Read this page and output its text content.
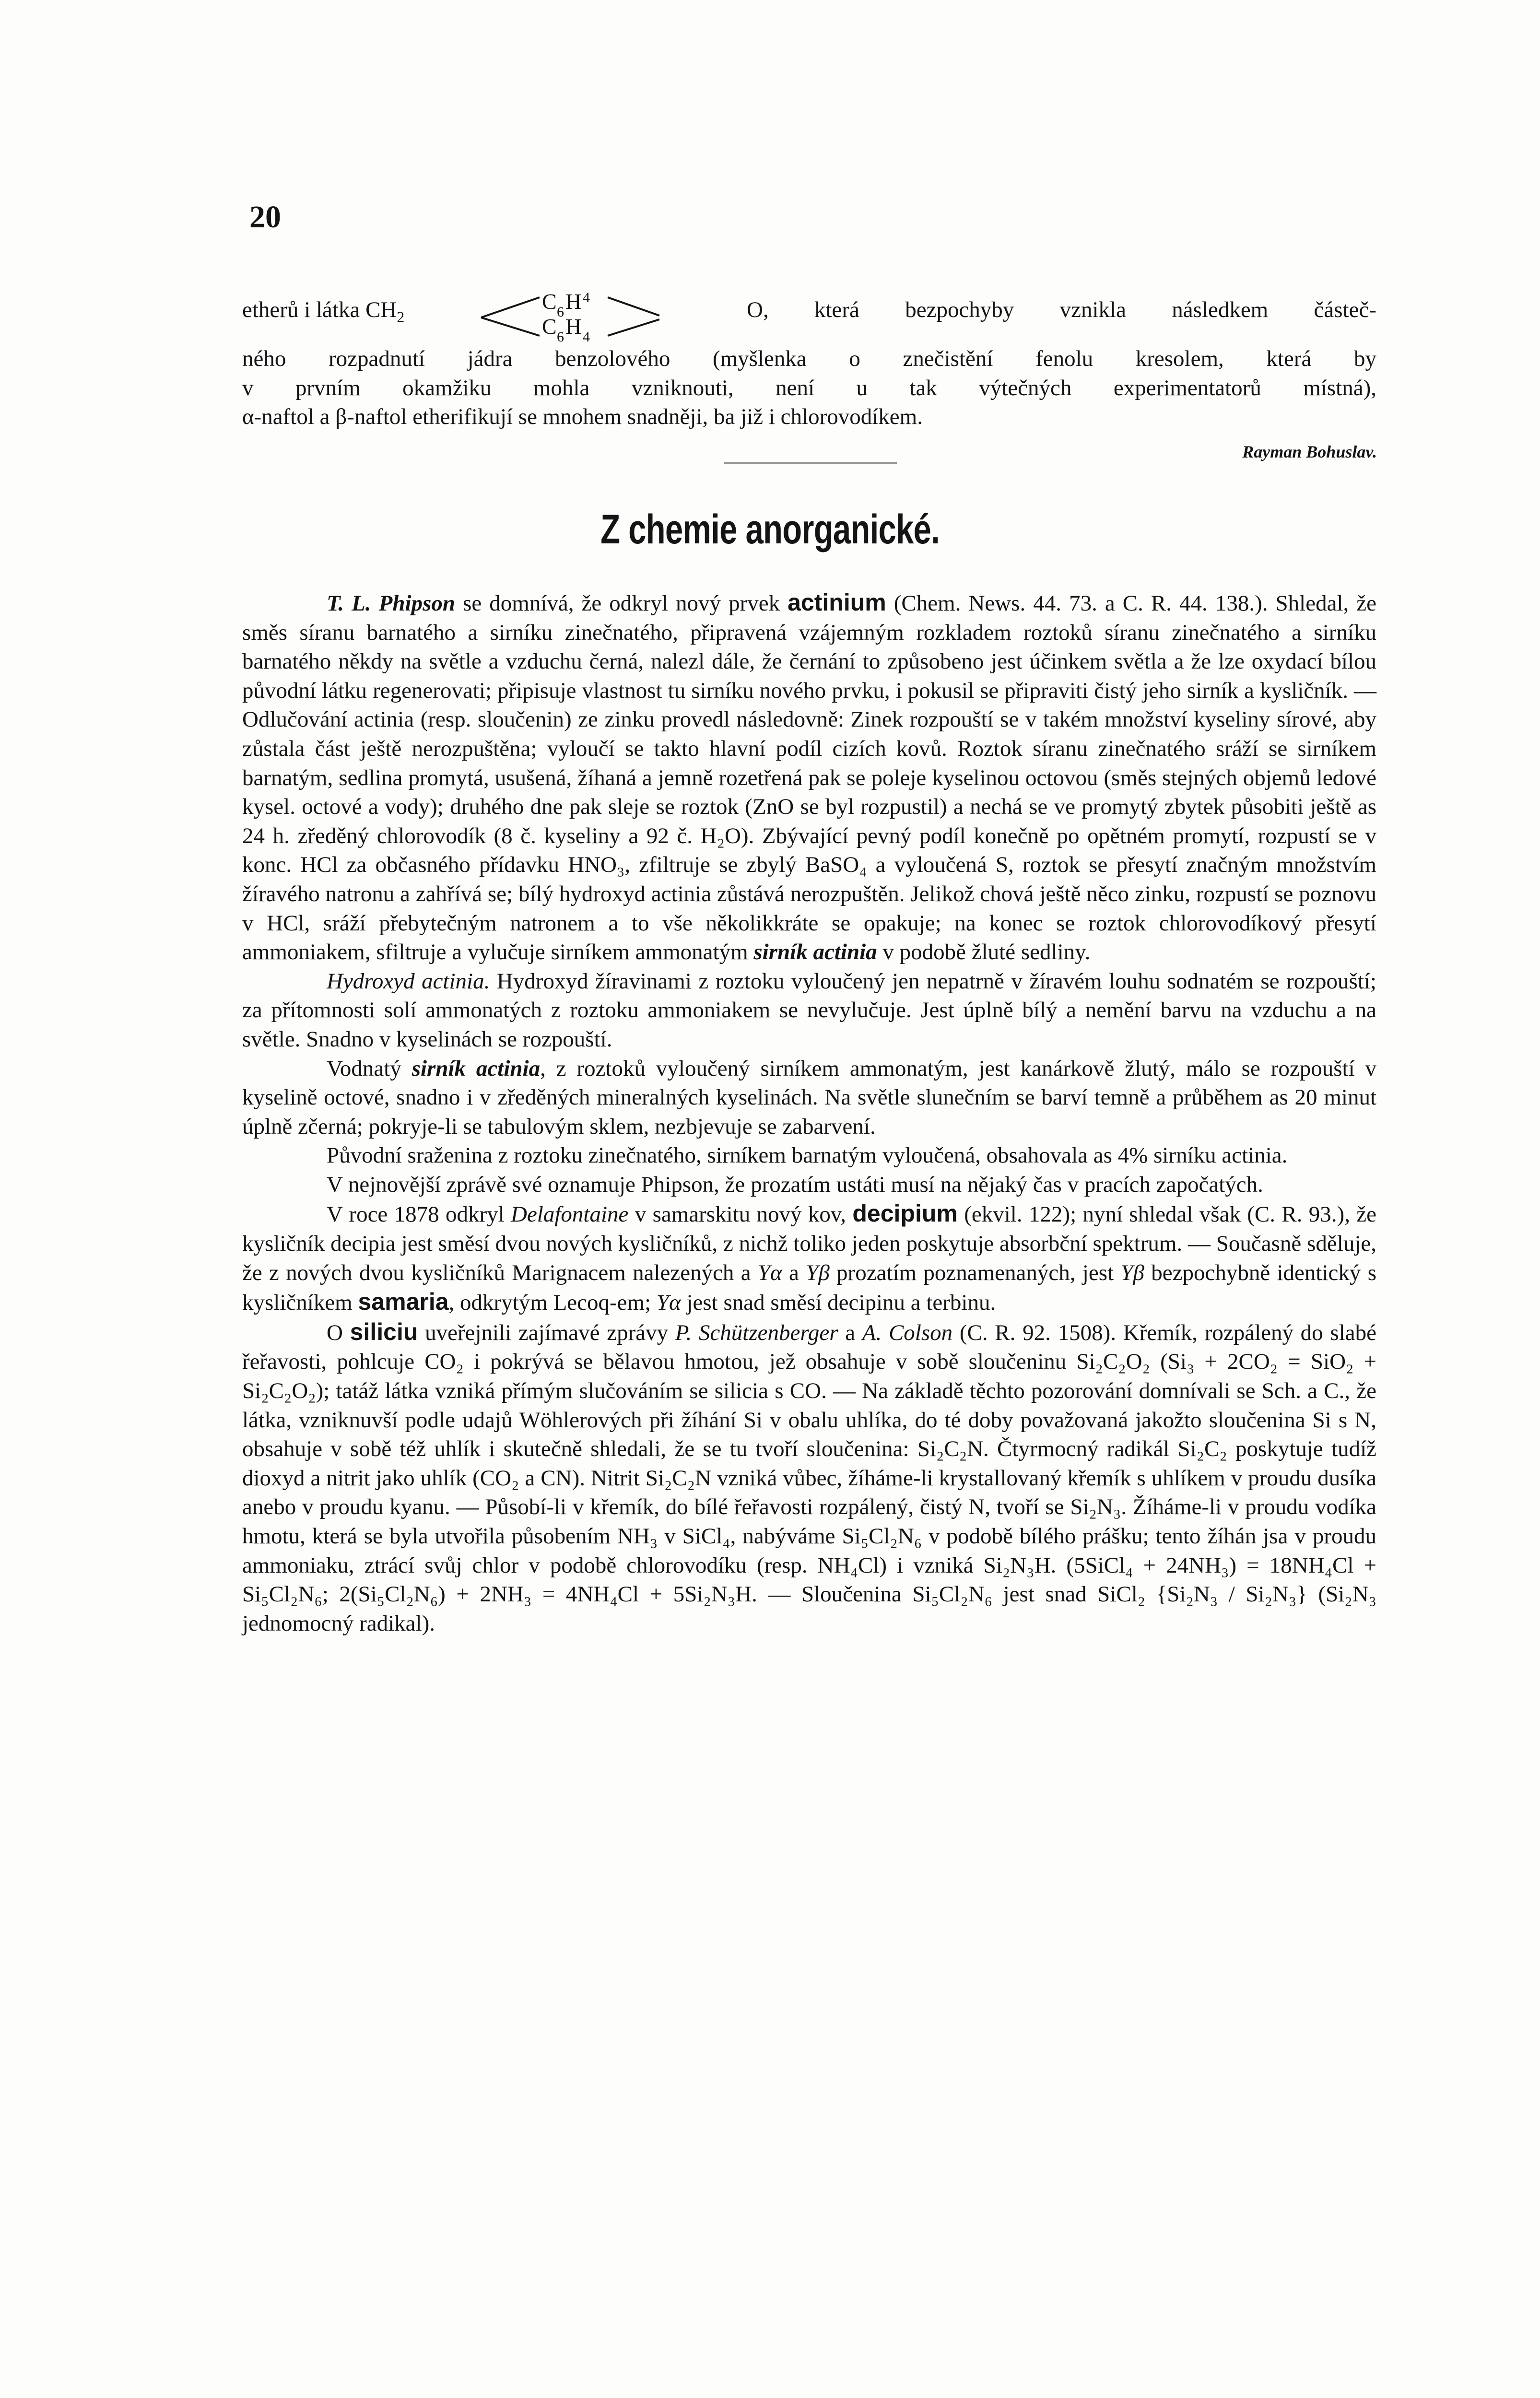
20
etherů i látka $CH_2$
C 6 H 4
C 6 H 4
O, která bezpochyby vznikla následkem částeč-
ného rozpadnutí jádra benzolového (myšlenka o znečistění fenolu kresolem, která by
v prvním okamžiku mohla vzniknouti, není u tak výtečných experimentatorů místná),
α-naftol a β-naftol etherifikují se mnohem snadněji, ba již i chlorovodíkem.
Rayman Bohuslav.
Z chemie anorganické.

T. L. Phipson se domnívá, že odkryl nový prvek actinium (Chem. News. 44. 73. a C. R. 44. 138.). Shledal, že směs síranu barnatého a sirníku zinečnatého, připravená vzájemným rozkladem roztoků síranu zinečnatého a sirníku barnatého někdy na světle a vzduchu černá, nalezl dále, že černání to způsobeno jest účinkem světla a že lze oxydací bílou původní látku regenerovati; připisuje vlastnost tu sirníku nového prvku, i pokusil se připraviti čistý jeho sirník a kysličník. — Odlučování actinia (resp. sloučenin) ze zinku provedl následovně: Zinek rozpouští se v takém množství kyseliny sírové, aby zůstala část ještě nerozpuštěna; vyloučí se takto hlavní podíl cizích kovů. Roztok síranu zinečnatého sráží se sirníkem barnatým, sedlina promytá, usušená, žíhaná a jemně rozetřená pak se poleje kyselinou octovou (směs stejných objemů ledové kysel. octové a vody); druhého dne pak sleje se roztok (ZnO se byl rozpustil) a nechá se ve promytý zbytek působiti ještě as 24 h. zředěný chlorovodík (8 č. kyseliny a 92 č. H₂O). Zbývající pevný podíl konečně po opětném promytí, rozpustí se v konc. HCl za občasného přídavku HNO₃, zfiltruje se zbylý BaSO₄ a vyloučená S, roztok se přesytí značným množstvím žíravého natronu a zahřívá se; bílý hydroxyd actinia zůstává nerozpuštěn. Jelikož chová ještě něco zinku, rozpustí se poznovu v HCl, sráží přebytečným natronem a to vše několikkráte se opakuje; na konec se roztok chlorovodíkový přesytí ammoniakem, sfiltruje a vylučuje sirníkem ammonatým sirník actinia v podobě žluté sedliny.

Hydroxyd actinia. Hydroxyd žíravinami z roztoku vyloučený jen nepatrně v žíravém louhu sodnatém se rozpouští; za přítomnosti solí ammonatých z roztoku ammoniakem se nevylučuje. Jest úplně bílý a nemění barvu na vzduchu a na světle. Snadno v kyselinách se rozpouští.

Vodnatý sirník actinia, z roztoků vyloučený sirníkem ammonatým, jest kanárkově žlutý, málo se rozpouští v kyselině octové, snadno i v zředěných mineralných kyselinách. Na světle slunečním se barví temně a průběhem as 20 minut úplně zčerná; pokryje-li se tabulovým sklem, nezbjevuje se zabarvení.

Původní sraženina z roztoku zinečnatého, sirníkem barnatým vyloučená, obsahovala as 4% sirníku actinia.

V nejnovější zprávě své oznamuje Phipson, že prozatím ustáti musí na nějaký čas v pracích započatých.

V roce 1878 odkryl Delafontaine v samarskitu nový kov, decipium (ekvil. 122); nyní shledal však (C. R. 93.), že kysličník decipia jest směsí dvou nových kysličníků, z nichž toliko jeden poskytuje absorbční spektrum. — Současně sděluje, že z nových dvou kysličníků Marignacem nalezených a Yα a Yβ prozatím poznamenaných, jest Yβ bezpochybně identický s kysličníkem samaria, odkrytým Lecoq-em; Yα jest snad směsí decipinu a terbinu.

O siliciu uveřejnili zajímavé zprávy P. Schützenberger a A. Colson (C. R. 92. 1508). Křemík, rozpálený do slabé řeřavosti, pohlcuje CO₂ i pokrývá se bělavou hmotou, jež obsahuje v sobě sloučeninu Si₂C₂O₂ (Si₃ + 2CO₂ = SiO₂ + Si₂C₂O₂); tatáž látka vzniká přímým slučováním se silicia s CO. — Na základě těchto pozorování domnívali se Sch. a C., že látka, vzniknuvší podle udajů Wöhlerových při žíhání Si v obalu uhlíka, do té doby považovaná jakožto sloučenina Si s N, obsahuje v sobě též uhlík i skutečně shledali, že se tu tvoří sloučenina: Si₂C₂N. Čtyrmocný radikál Si₂C₂ poskytuje tudíž dioxyd a nitrit jako uhlík (CO₂ a CN). Nitrit Si₂C₂N vzniká vůbec, žíháme-li krystallovaný křemík s uhlíkem v proudu dusíka anebo v proudu kyanu. — Působí-li v křemík, do bílé řeřavosti rozpálený, čistý N, tvoří se Si₂N₃. Žíháme-li v proudu vodíka hmotu, která se byla utvořila působením NH₃ v SiCl₄, nabýváme Si₅Cl₂N₆ v podobě bílého prášku; tento žíhán jsa v proudu ammoniaku, ztrácí svůj chlor v podobě chlorovodíku (resp. NH₄Cl) i vzniká Si₂N₃H. (5SiCl₄ + 24NH₃) = 18NH₄Cl + Si₅Cl₂N₆; 2(Si₅Cl₂N₆) + 2NH₃ = 4NH₄Cl + 5Si₂N₃H. — Sloučenina Si₅Cl₂N₆ jest snad SiCl₂ {Si₂N₃ / Si₂N₃} (Si₂N₃ jednomocný radikal).
